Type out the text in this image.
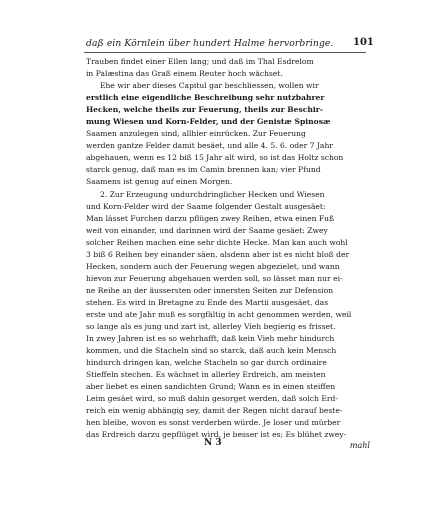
daß ein Körnlein über hundert Halme hervorbringe.	101
Trauben findet einer Ellen lang; und daß im Thal Esdrelom
in Palæstina das Graß einem Reuter hoch wächset.
Ehe wir aber dieses Capitul gar beschliessen, wollen wir
erstlich eine eigendliche Beschreibung sehr nutzbahrer
Hecken, welche theils zur Feuerung, theils zur Beschir-
mung Wiesen und Korn-Felder, und der Genistæ Spinosæ
Saamen anzulegen sind, allhier einrücken. Zur Feuerung
werden gantze Felder damit besäet, und alle 4. 5. 6. oder 7 Jahr
abgehauen, wenn es 12 biß 15 Jahr alt wird, so ist das Holtz schon
starck genug, daß man es im Camin brennen kan; vier Pfund
Saamens ist genug auf einen Morgen.
2. Zur Erzeugung undurchdringlicher Hecken und Wiesen
und Korn-Felder wird der Saame folgender Gestalt ausgesäet:
Man lässet Furchen darzu pflügen zwey Reihen, etwa einen Fuß
weit von einander, und darinnen wird der Saame gesäet: Zwey
solcher Reihen machen eine sehr dichte Hecke. Man kan auch wohl
3 biß 6 Reihen bey einander säen, alsdenn aber ist es nicht bloß der
Hecken, sondern auch der Feuerung wegen abgezielet, und wann
hievon zur Feuerung abgehauen werden soll, so lässet man nur ei-
ne Reihe an der äussersten oder innersten Seiten zur Defension
stehen. Es wird in Bretagne zu Ende des Martii ausgesäet, das
erste und ate Jahr muß es sorgfältig in acht genommen werden, weil
so lange als es jung und zart ist, allerley Vieh begierig es frisset.
In zwey Jahren ist es so wehrhafft, daß kein Vieh mehr hindurch
kommen, und die Stacheln sind so starck, daß auch kein Mensch
hindurch dringen kan, welche Stacheln so gar durch ordinaire
Stieffeln stechen. Es wächset in allerley Erdreich, am meisten
aber liebet es einen sandichten Grund; Wann es in einen steiffen
Leim gesäet wird, so muß dahin gesorget werden, daß solch Erd-
reich ein wenig abhängig sey, damit der Regen nicht darauf beste-
hen bleibe, wovon es sonst verderben würde. Je loser und mürber
das Erdreich darzu gepflüget wird, je besser ist es; Es blühet zwey-
N 3	mahl
